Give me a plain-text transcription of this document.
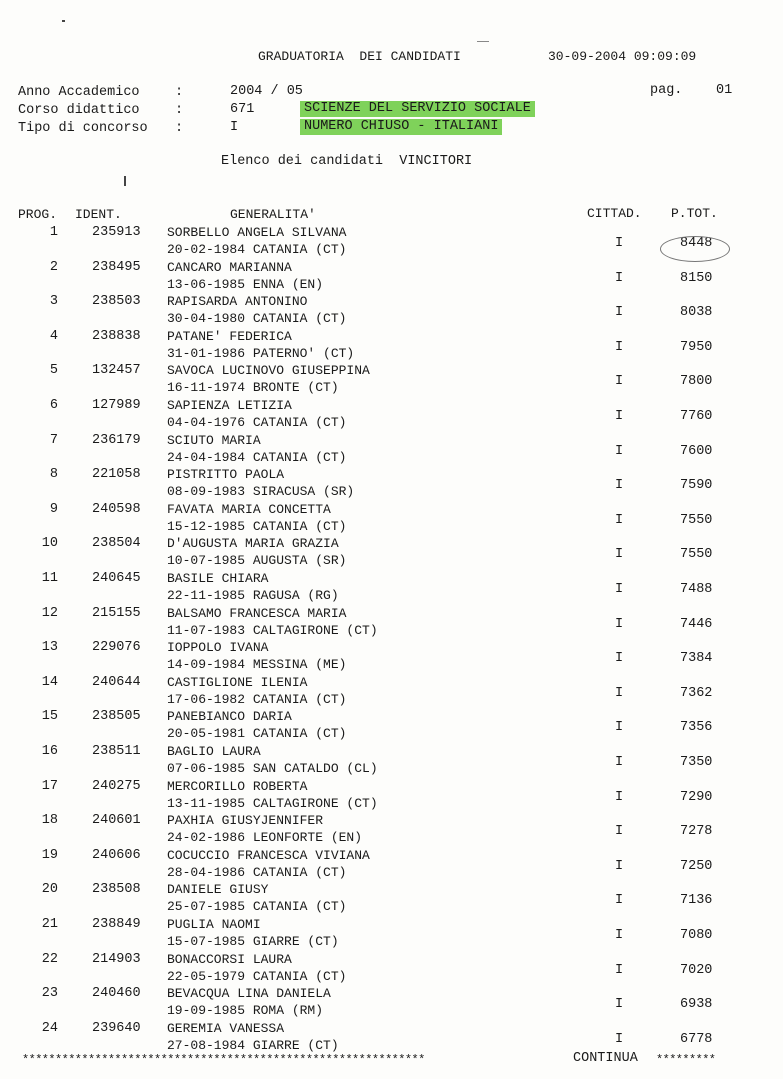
GRADUATORIA  DEI CANDIDATI	30-09-2004 09:09:09
Anno Accademico	:	2004 / 05	pag. 01
Corso didattico	:	671	SCIENZE DEL SERVIZIO SOCIALE
Tipo di concorso :	I	NUMERO CHIUSO - ITALIANI
Elenco dei candidati  VINCITORI
PROG. IDENT.	GENERALITA'	CITTAD. P.TOT.
1	235913 SORBELLO ANGELA SILVANA
20-02-1984 CATANIA (CT)	I	8448
2	238495 CANCARO MARIANNA
13-06-1985 ENNA (EN)	I	8150
3	238503 RAPISARDA ANTONINO
30-04-1980 CATANIA (CT)	I	8038
4	238838 PATANE' FEDERICA
31-01-1986 PATERNO' (CT)	I	7950
5	132457 SAVOCA LUCINOVO GIUSEPPINA
16-11-1974 BRONTE (CT)	I	7800
6	127989 SAPIENZA LETIZIA
04-04-1976 CATANIA (CT)	I	7760
7	236179 SCIUTO MARIA
24-04-1984 CATANIA (CT)	I	7600
8	221058 PISTRITTO PAOLA
08-09-1983 SIRACUSA (SR)	I	7590
9	240598 FAVATA MARIA CONCETTA
15-12-1985 CATANIA (CT)	I	7550
10	238504 D'AUGUSTA MARIA GRAZIA
10-07-1985 AUGUSTA (SR)	I	7550
11	240645 BASILE CHIARA
22-11-1985 RAGUSA (RG)	I	7488
12	215155 BALSAMO FRANCESCA MARIA
11-07-1983 CALTAGIRONE (CT)	I	7446
13	229076 IOPPOLO IVANA
14-09-1984 MESSINA (ME)	I	7384
14	240644 CASTIGLIONE ILENIA
17-06-1982 CATANIA (CT)	I	7362
15	238505 PANEBIANCO DARIA
20-05-1981 CATANIA (CT)	I	7356
16	238511 BAGLIO LAURA
07-06-1985 SAN CATALDO (CL)	I	7350
17	240275 MERCORILLO ROBERTA
13-11-1985 CALTAGIRONE (CT)	I	7290
18	240601 PAXHIA GIUSYJENNIFER
24-02-1986 LEONFORTE (EN)	I	7278
19	240606 COCUCCIO FRANCESCA VIVIANA
28-04-1986 CATANIA (CT)	I	7250
20	238508 DANIELE GIUSY
25-07-1985 CATANIA (CT)	I	7136
21	238849 PUGLIA NAOMI
15-07-1985 GIARRE (CT)	I	7080
22	214903 BONACCORSI LAURA
22-05-1979 CATANIA (CT)	I	7020
23	240460 BEVACQUA LINA DANIELA
19-09-1985 ROMA (RM)	I	6938
24	239640 GEREMIA VANESSA
27-08-1984 GIARRE (CT)	I	6778
*************************************************************	CONTINUA *********
